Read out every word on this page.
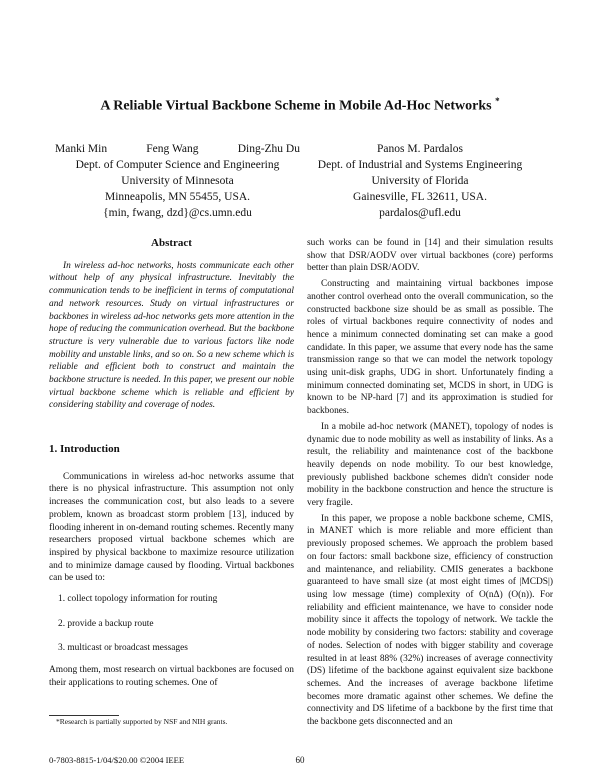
A Reliable Virtual Backbone Scheme in Mobile Ad-Hoc Networks *
Manki Min	Feng Wang	Ding-Zhu Du
Dept. of Computer Science and Engineering
University of Minnesota
Minneapolis, MN 55455, USA.
{min, fwang, dzd}@cs.umn.edu
Panos M. Pardalos
Dept. of Industrial and Systems Engineering
University of Florida
Gainesville, FL 32611, USA.
pardalos@ufl.edu
Abstract

In wireless ad-hoc networks, hosts communicate each other without help of any physical infrastructure. Inevitably the communication tends to be inefficient in terms of computational and network resources. Study on virtual infrastructures or backbones in wireless ad-hoc networks gets more attention in the hope of reducing the communication overhead. But the backbone structure is very vulnerable due to various factors like node mobility and unstable links, and so on. So a new scheme which is reliable and efficient both to construct and maintain the backbone structure is needed. In this paper, we present our noble virtual backbone scheme which is reliable and efficient by considering stability and coverage of nodes.

1. Introduction

Communications in wireless ad-hoc networks assume that there is no physical infrastructure. This assumption not only increases the communication cost, but also leads to a severe problem, known as broadcast storm problem [13], induced by flooding inherent in on-demand routing schemes. Recently many researchers proposed virtual backbone schemes which are inspired by physical backbone to maximize resource utilization and to minimize damage caused by flooding. Virtual backbones can be used to:

1. collect topology information for routing
2. provide a backup route
3. multicast or broadcast messages

Among them, most research on virtual backbones are focused on their applications to routing schemes. One of

*Research is partially supported by NSF and NIH grants.

such works can be found in [14] and their simulation results show that DSR/AODV over virtual backbones (core) performs better than plain DSR/AODV.

Constructing and maintaining virtual backbones impose another control overhead onto the overall communication, so the constructed backbone size should be as small as possible. The roles of virtual backbones require connectivity of nodes and hence a minimum connected dominating set can make a good candidate. In this paper, we assume that every node has the same transmission range so that we can model the network topology using unit-disk graphs, UDG in short. Unfortunately finding a minimum connected dominating set, MCDS in short, in UDG is known to be NP-hard [7] and its approximation is studied for backbones.

In a mobile ad-hoc network (MANET), topology of nodes is dynamic due to node mobility as well as instability of links. As a result, the reliability and maintenance cost of the backbone heavily depends on node mobility. To our best knowledge, previously published backbone schemes didn't consider node mobility in the backbone construction and hence the structure is very fragile.

In this paper, we propose a noble backbone scheme, CMIS, in MANET which is more reliable and more efficient than previously proposed schemes. We approach the problem based on four factors: small backbone size, efficiency of construction and maintenance, and reliability. CMIS generates a backbone guaranteed to have small size (at most eight times of |MCDS|) using low message (time) complexity of O(nΔ) (O(n)). For reliability and efficient maintenance, we have to consider node mobility since it affects the topology of network. We tackle the node mobility by considering two factors: stability and coverage of nodes. Selection of nodes with bigger stability and coverage resulted in at least 88% (32%) increases of average connectivity (DS) lifetime of the backbone against equivalent size backbone schemes. And the increases of average backbone lifetime becomes more dramatic against other schemes. We define the connectivity and DS lifetime of a backbone by the first time that the backbone gets disconnected and an

0-7803-8815-1/04/$20.00 ©2004 IEEE	60
